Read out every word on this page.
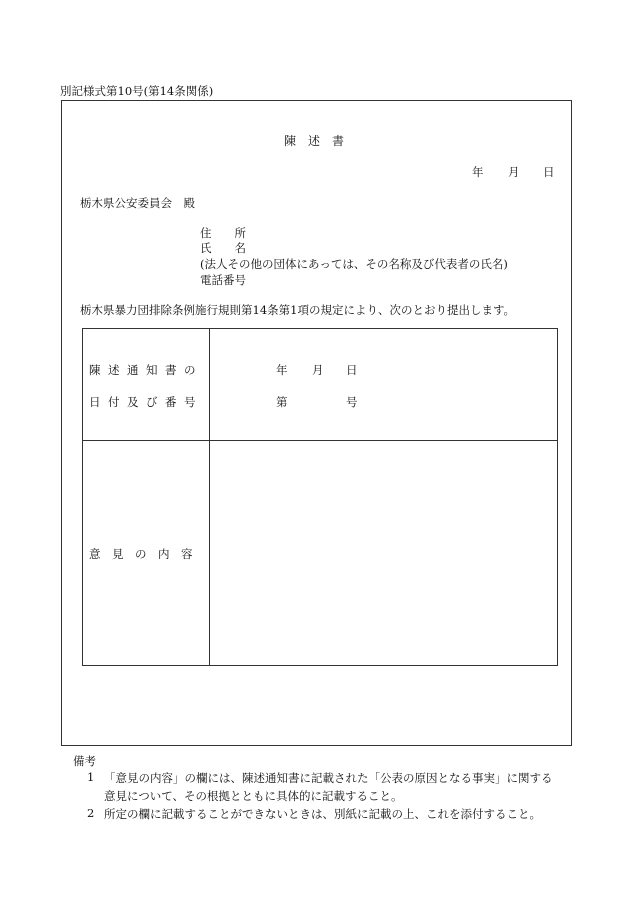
別記様式第10号(第14条関係)
陳　述　書
年 月 日
栃木県公安委員会　殿
住　　所
氏　　名
(法人その他の団体にあっては、その名称及び代表者の氏名)
電話番号
栃木県暴力団排除条例施行規則第14条第1項の規定により、次のとおり提出します。
陳述通知書の
日付及び番号
年 月 日
第	号
意　見　の　内　容
備考
1 「意見の内容」の欄には、陳述通知書に記載された「公表の原因となる事実」に関する
意見について、その根拠とともに具体的に記載すること。
2 所定の欄に記載することができないときは、別紙に記載の上、これを添付すること。
